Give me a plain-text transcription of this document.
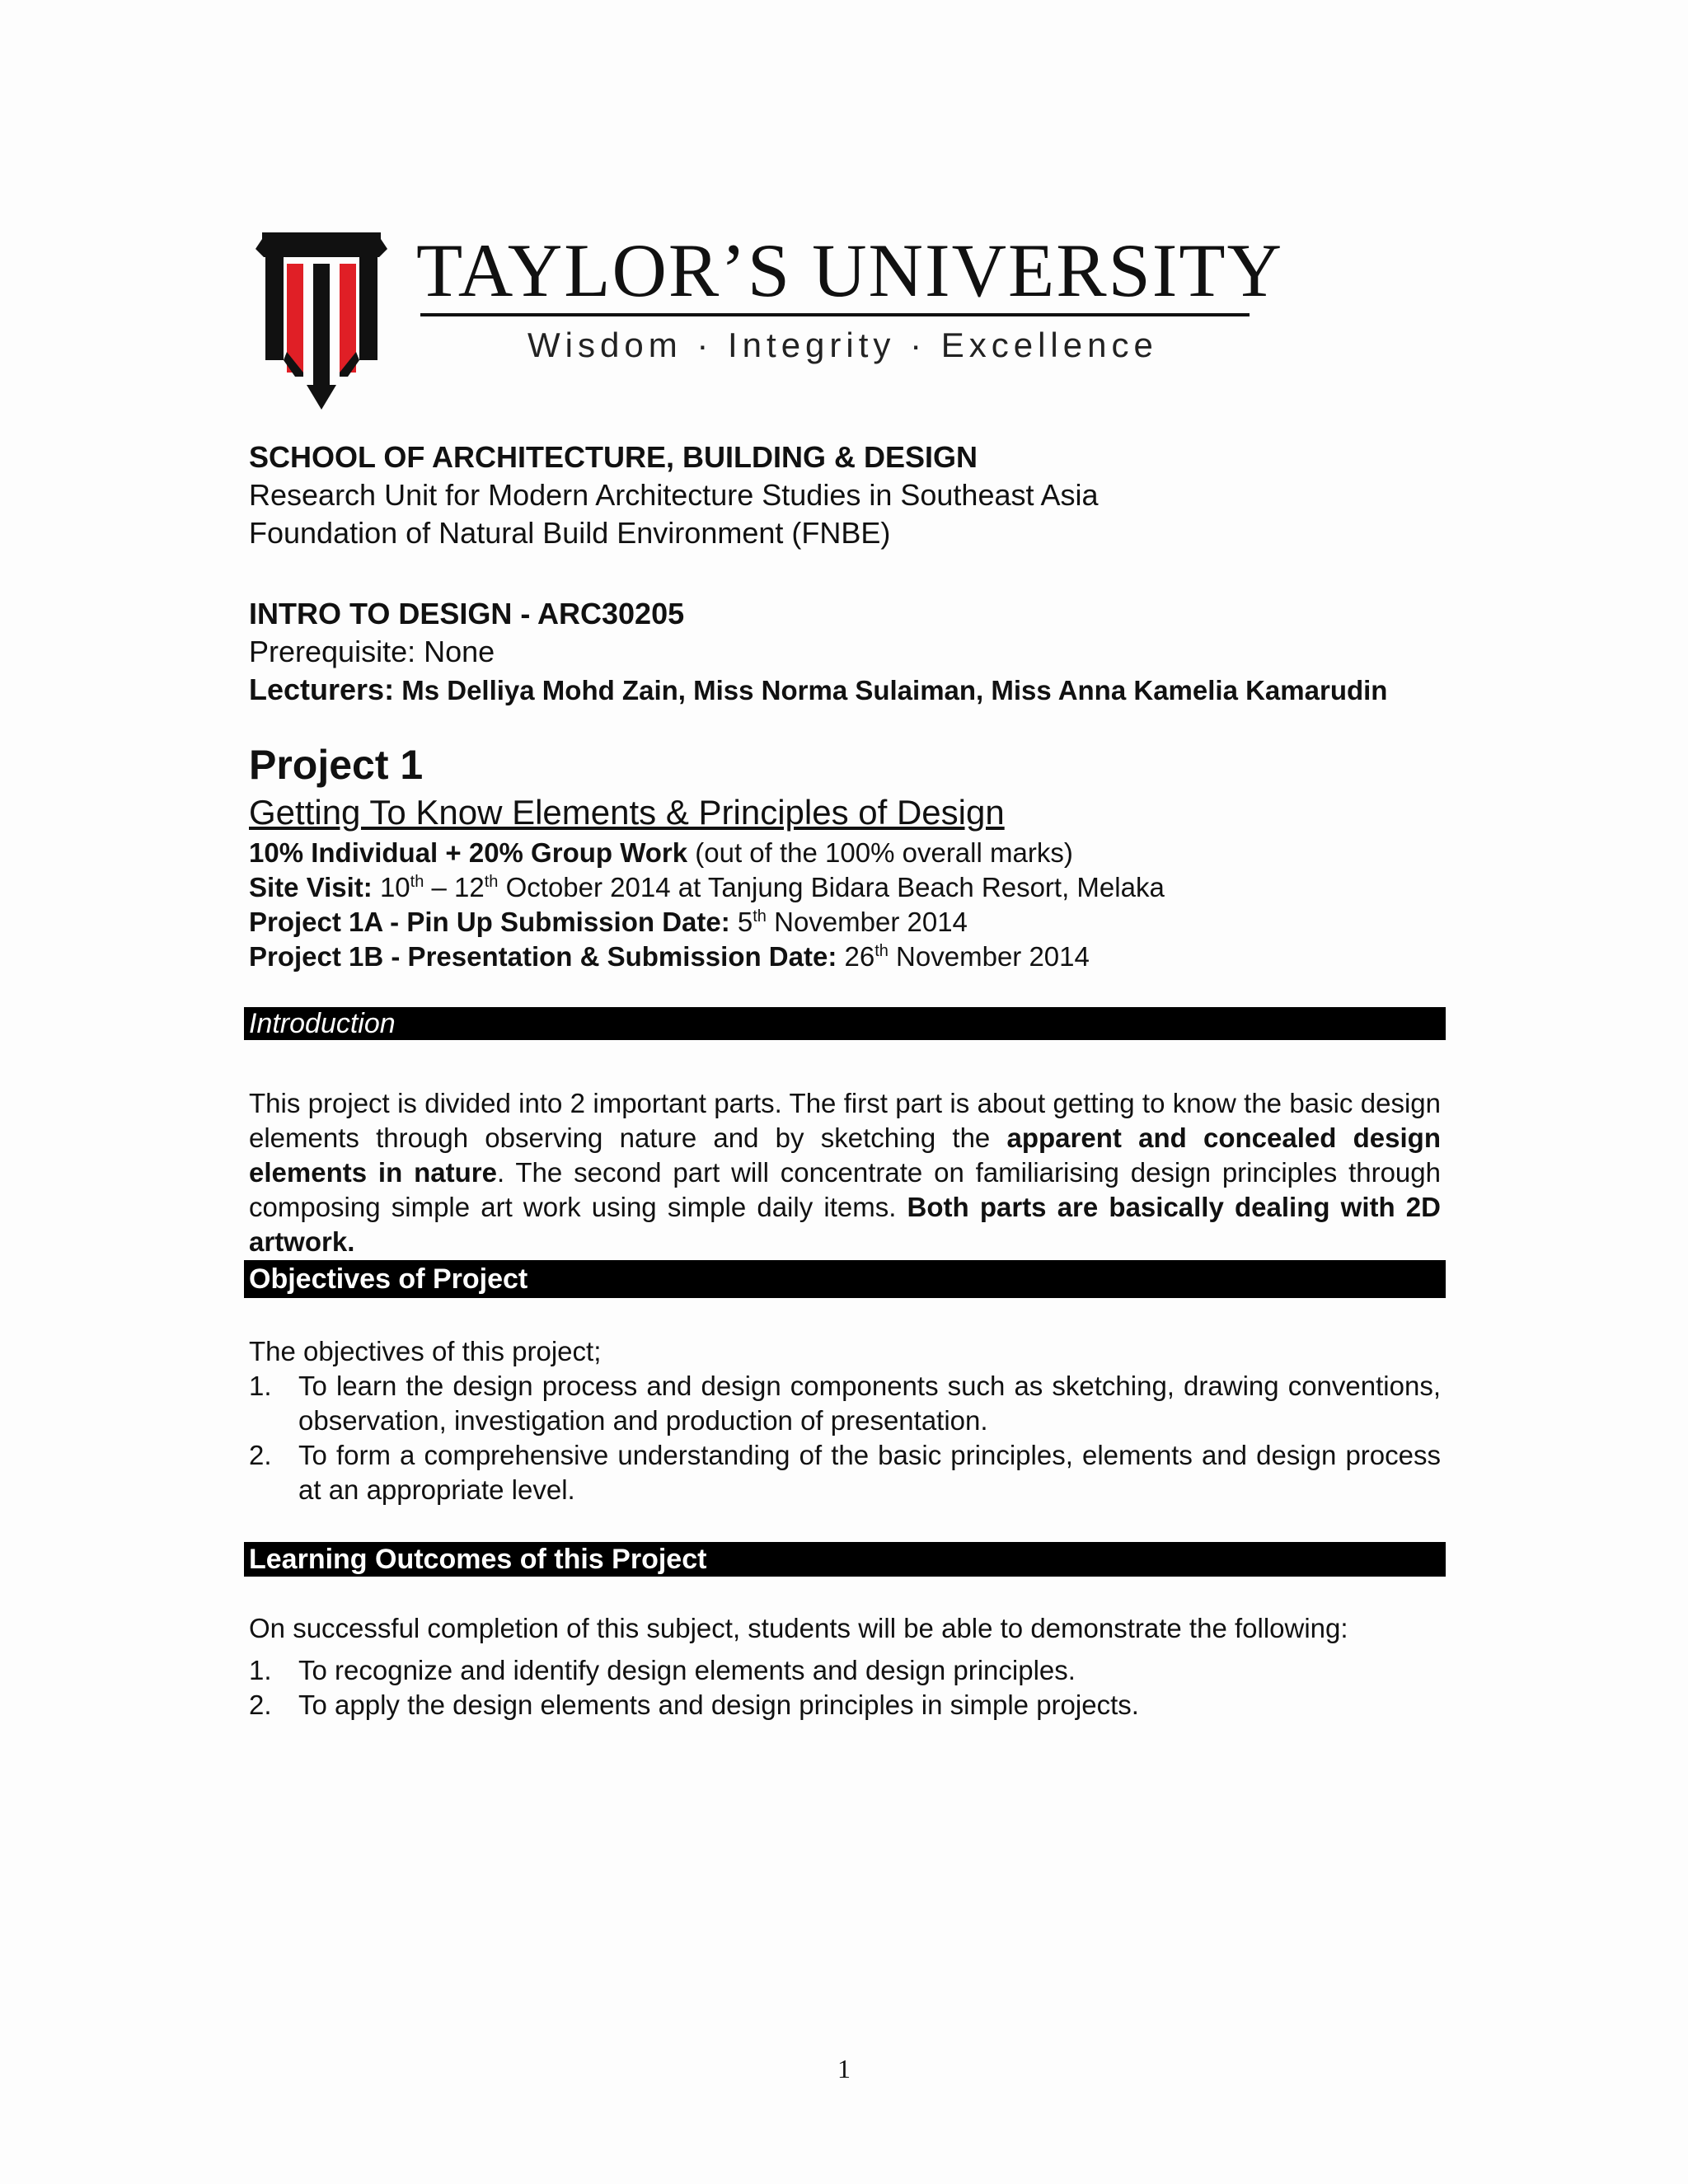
TAYLOR’S UNIVERSITY
Wisdom · Integrity · Excellence
SCHOOL OF ARCHITECTURE, BUILDING & DESIGN
Research Unit for Modern Architecture Studies in Southeast Asia
Foundation of Natural Build Environment (FNBE)
INTRO TO DESIGN - ARC30205
Prerequisite: None
Lecturers: Ms Delliya Mohd Zain, Miss Norma Sulaiman, Miss Anna Kamelia Kamarudin
Project 1
Getting To Know Elements & Principles of Design
10% Individual + 20% Group Work (out of the 100% overall marks)
Site Visit: 10th – 12th October 2014 at Tanjung Bidara Beach Resort, Melaka
Project 1A - Pin Up Submission Date: 5th November 2014
Project 1B - Presentation & Submission Date: 26th November 2014
Introduction
This project is divided into 2 important parts. The first part is about getting to know the basic design elements through observing nature and by sketching the apparent and concealed design elements in nature. The second part will concentrate on familiarising design principles through composing simple art work using simple daily items. Both parts are basically dealing with 2D artwork.
Objectives of Project
The objectives of this project;
1. To learn the design process and design components such as sketching, drawing conventions, observation, investigation and production of presentation.
2. To form a comprehensive understanding of the basic principles, elements and design process at an appropriate level.
Learning Outcomes of this Project
On successful completion of this subject, students will be able to demonstrate the following:
1. To recognize and identify design elements and design principles.
2. To apply the design elements and design principles in simple projects.
1
